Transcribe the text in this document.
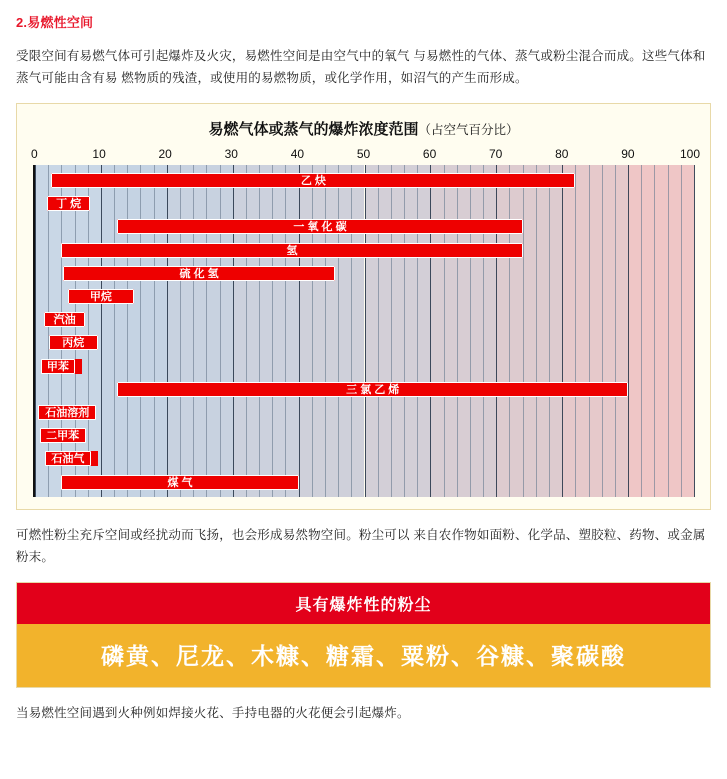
2.易燃性空间

受限空间有易燃气体可引起爆炸及火灾，易燃性空间是由空气中的氧气 与易燃性的气体、蒸气或粉尘混合而成。这些气体和蒸气可能由含有易 燃物质的残渣，或使用的易燃物质，或化学作用，如沼气的产生而形成。

易燃气体或蒸气的爆炸浓度范围（占空气百分比）
0	10	20	30	40	50	60	70	80	90	100
乙 炔
丁 烷
一 氧 化 碳
氢
硫 化 氢
甲烷
汽油
丙烷
甲苯
三 氯 乙 烯
石油溶剂
二甲苯
石油气
煤 气

可燃性粉尘充斥空间或经扰动而飞扬，也会形成易然物空间。粉尘可以 来自农作物如面粉、化学品、塑胶粒、药物、或金属粉末。

具有爆炸性的粉尘
磷黄、尼龙、木糠、糖霜、粟粉、谷糠、聚碳酸

当易燃性空间遇到火种例如焊接火花、手持电器的火花便会引起爆炸。
